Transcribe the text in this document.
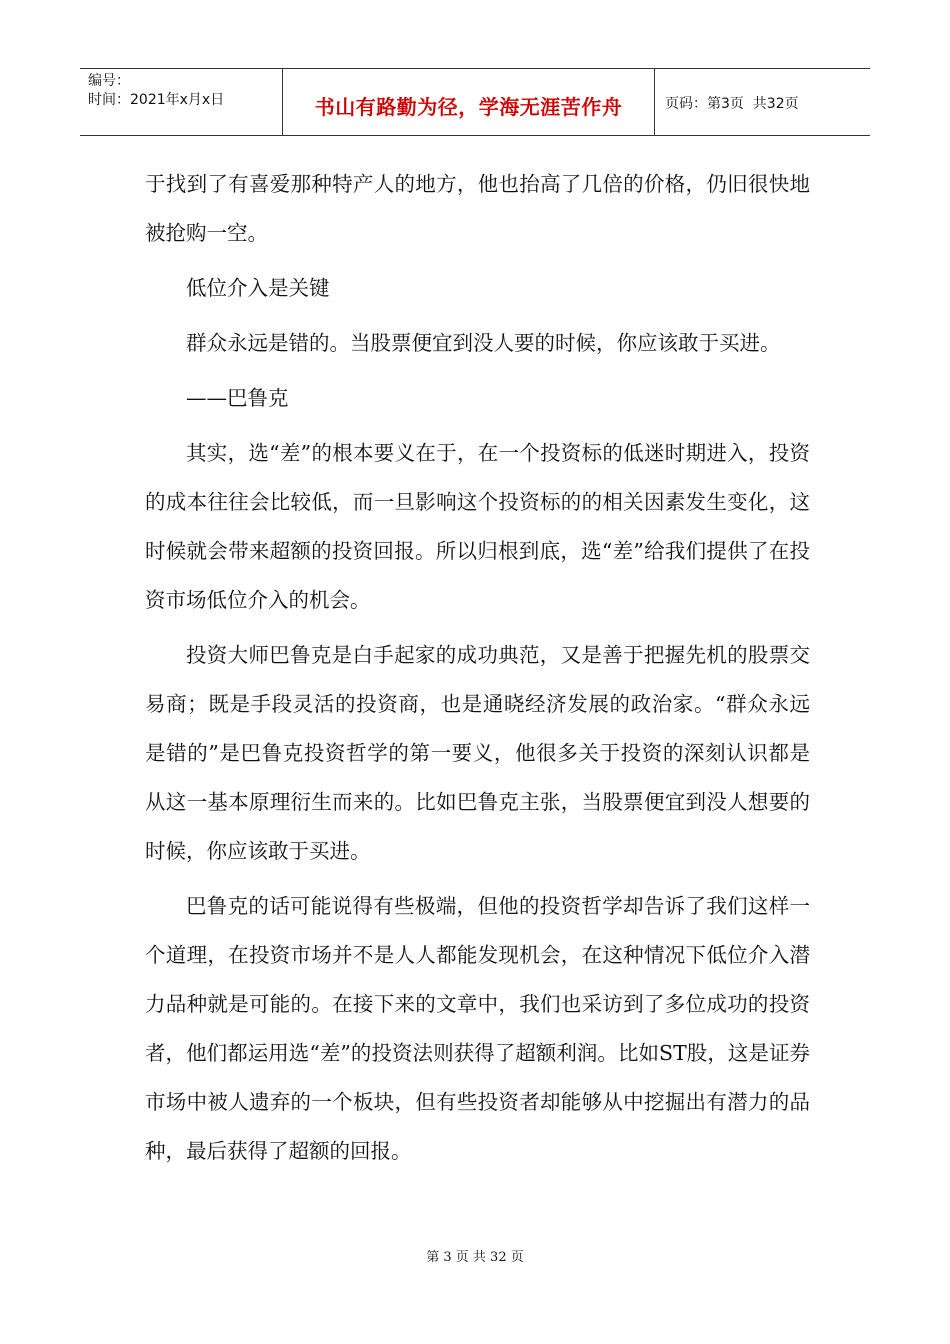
编号：
时间：2021年x月x日	书山有路勤为径，学海无涯苦作舟	页码：第3页  共32页

于找到了有喜爱那种特产人的地方，他也抬高了几倍的价格，仍旧很快地被抢购一空。

低位介入是关键

群众永远是错的。当股票便宜到没人要的时候，你应该敢于买进。

——巴鲁克

其实，选“差”的根本要义在于，在一个投资标的低迷时期进入，投资的成本往往会比较低，而一旦影响这个投资标的的相关因素发生变化，这时候就会带来超额的投资回报。所以归根到底，选“差”给我们提供了在投资市场低位介入的机会。

投资大师巴鲁克是白手起家的成功典范，又是善于把握先机的股票交易商；既是手段灵活的投资商，也是通晓经济发展的政治家。“群众永远是错的”是巴鲁克投资哲学的第一要义，他很多关于投资的深刻认识都是从这一基本原理衍生而来的。比如巴鲁克主张，当股票便宜到没人想要的时候，你应该敢于买进。

巴鲁克的话可能说得有些极端，但他的投资哲学却告诉了我们这样一个道理，在投资市场并不是人人都能发现机会，在这种情况下低位介入潜力品种就是可能的。在接下来的文章中，我们也采访到了多位成功的投资者，他们都运用选“差”的投资法则获得了超额利润。比如ST股，这是证券市场中被人遗弃的一个板块，但有些投资者却能够从中挖掘出有潜力的品种，最后获得了超额的回报。

第 3 页 共 32 页
